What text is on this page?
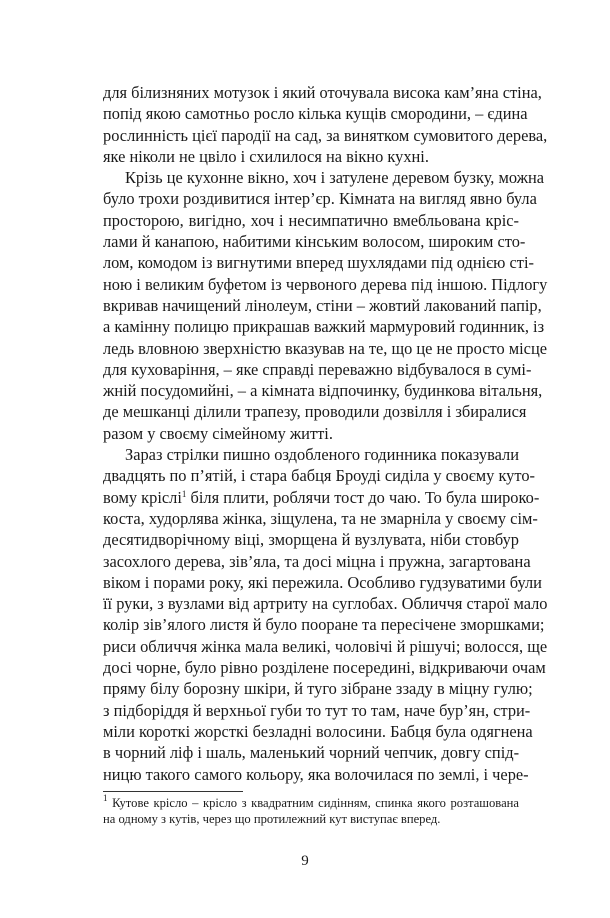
для білизняних мотузок і який оточувала висока кам’яна стіна,
попід якою самотньо росло кілька кущів смородини, – єдина
рослинність цієї пародії на сад, за винятком сумовитого дерева,
яке ніколи не цвіло і схилилося на вікно кухні.
Крізь це кухонне вікно, хоч і затулене деревом бузку, можна
було трохи роздивитися інтер’єр. Кімната на вигляд явно була
просторою, вигідно, хоч і несимпатично вмебльована кріс-
лами й канапою, набитими кінським волосом, широким сто-
лом, комодом із вигнутими вперед шухлядами під однією сті-
ною і великим буфетом із червоного дерева під іншою. Підлогу
вкривав начищений лінолеум, стіни – жовтий лакований папір,
а камінну полицю прикрашав важкий мармуровий годинник, із
ледь вловною зверхністю вказував на те, що це не просто місце
для куховаріння, – яке справді переважно відбувалося в сумі-
жній посудомийні, – а кімната відпочинку, будинкова вітальня,
де мешканці ділили трапезу, проводили дозвілля і збиралися
разом у своєму сімейному житті.
Зараз стрілки пишно оздобленого годинника показували
двадцять по п’ятій, і стара бабця Броуді сиділа у своєму куто-
вому кріслі$^1$ біля плити, роблячи тост до чаю. То була широко-
коста, худорлява жінка, зіщулена, та не змарніла у своєму сім-
десятидворічному віці, зморщена й вузлувата, ніби стовбур
засохлого дерева, зів’яла, та досі міцна і пружна, загартована
віком і порами року, які пережила. Особливо гудзуватими були
її руки, з вузлами від артриту на суглобах. Обличчя старої мало
колір зів’ялого листя й було пооране та пересічене зморшками;
риси обличчя жінка мала великі, чоловічі й рішучі; волосся, ще
досі чорне, було рівно розділене посередині, відкриваючи очам
пряму білу борозну шкіри, й туго зібране ззаду в міцну гулю;
з підборіддя й верхньої губи то тут то там, наче бур’ян, стри-
міли короткі жорсткі безладні волосини. Бабця була одягнена
в чорний ліф і шаль, маленький чорний чепчик, довгу спід-
ницю такого самого кольору, яка волочилася по землі, і чере-
$^1$ Кутове крісло – крісло з квадратним сидінням, спинка якого розташована
на одному з кутів, через що протилежний кут виступає вперед.
9
